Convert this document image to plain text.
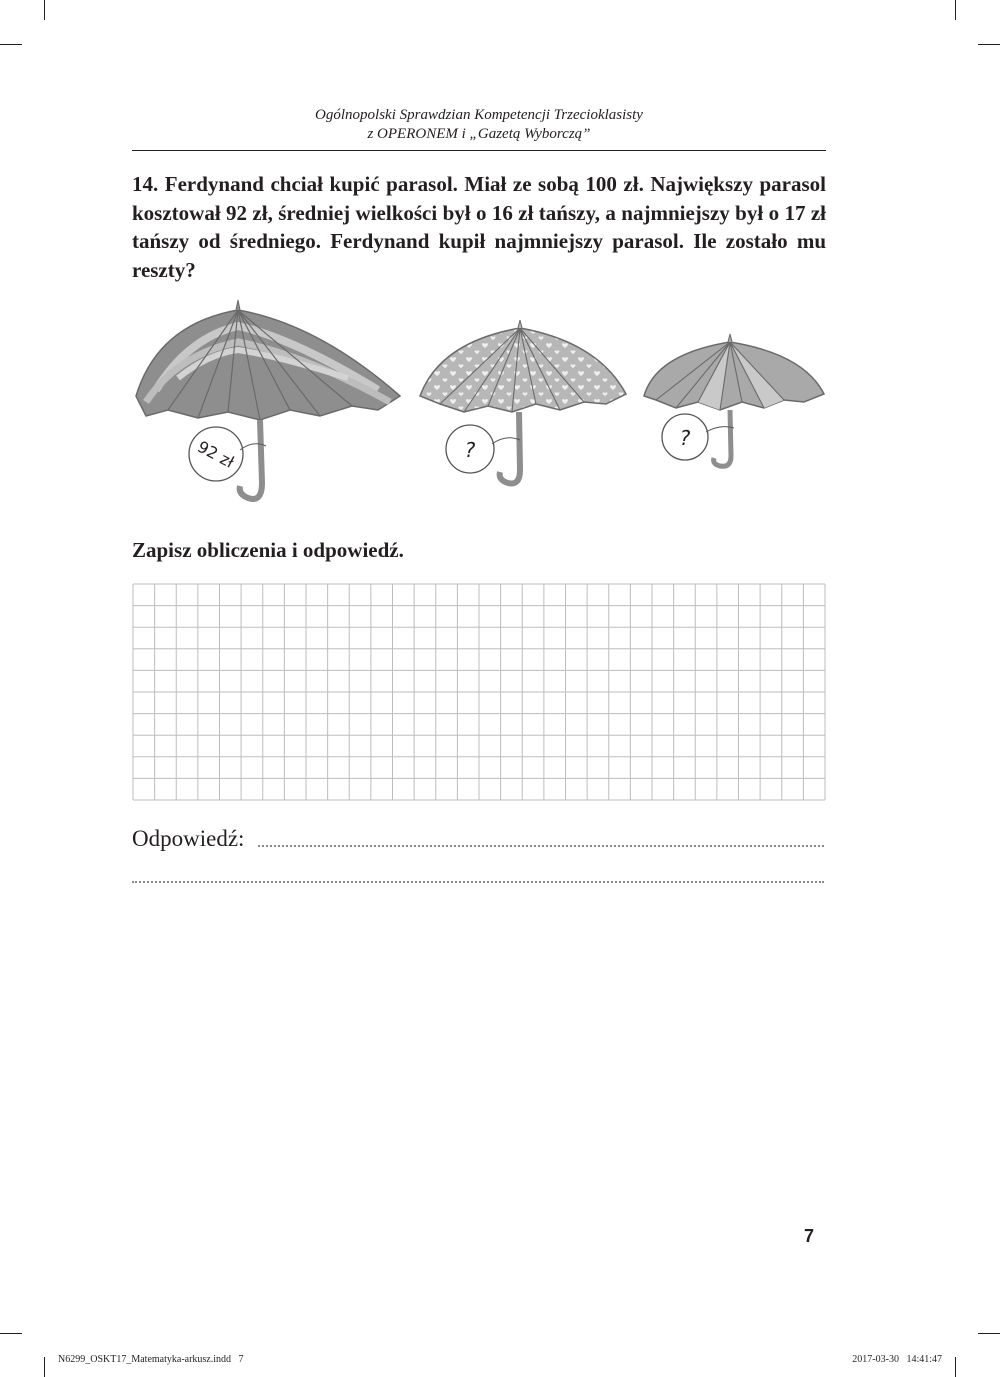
Ogólnopolski Sprawdzian Kompetencji Trzecioklasisty
z OPERONEM i „Gazetą Wyborczą”
14. Ferdynand chciał kupić parasol. Miał ze sobą 100 zł. Największy parasol kosztował 92 zł, średniej wielkości był o 16 zł tańszy, a najmniejszy był o 17 zł tańszy od średniego. Ferdynand kupił najmniejszy parasol. Ile zostało mu reszty?
92 zł	?	?
Zapisz obliczenia i odpowiedź.
Odpowiedź:
7
N6299_OSKT17_Matematyka-arkusz.indd   7	2017-03-30   14:41:47
